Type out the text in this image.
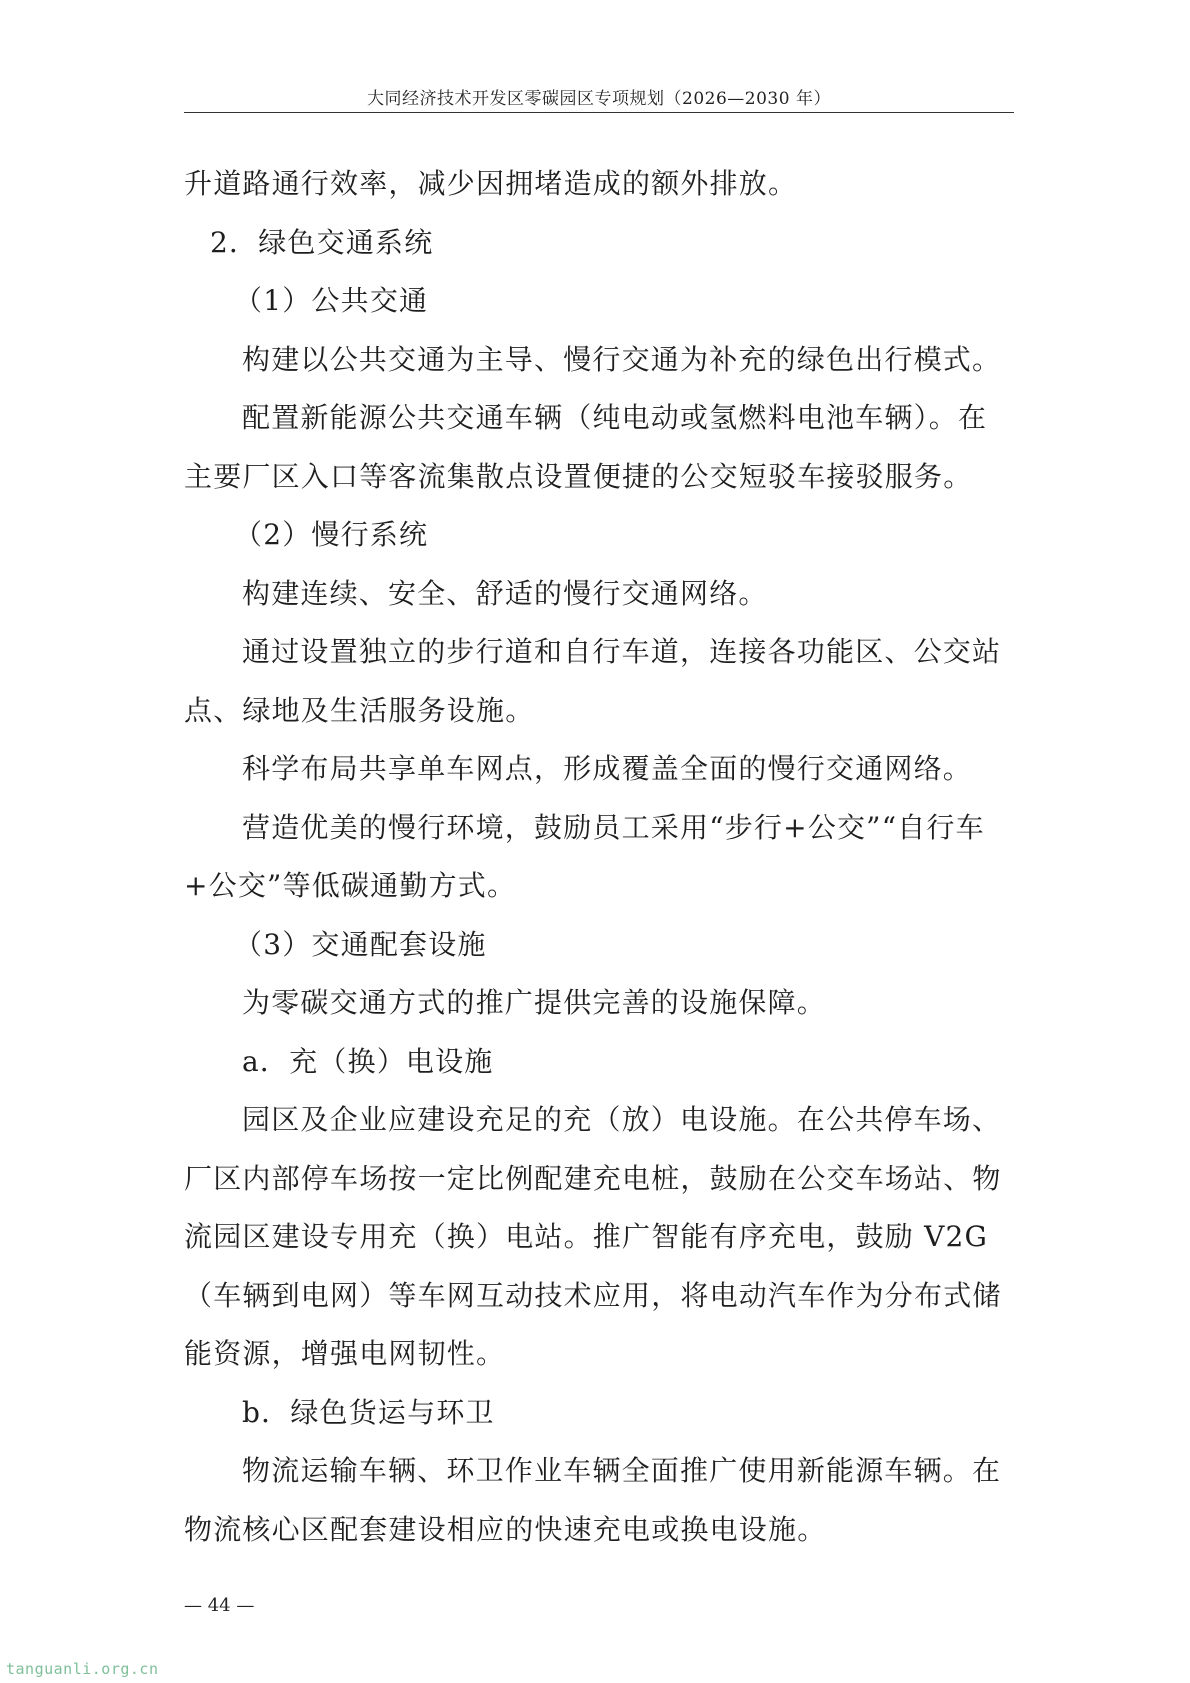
大同经济技术开发区零碳园区专项规划（2026—2030 年）

升道路通行效率，减少因拥堵造成的额外排放。

2．绿色交通系统

（1）公共交通

构建以公共交通为主导、慢行交通为补充的绿色出行模式。

配置新能源公共交通车辆（纯电动或氢燃料电池车辆）。在主要厂区入口等客流集散点设置便捷的公交短驳车接驳服务。

（2）慢行系统

构建连续、安全、舒适的慢行交通网络。

通过设置独立的步行道和自行车道，连接各功能区、公交站点、绿地及生活服务设施。

科学布局共享单车网点，形成覆盖全面的慢行交通网络。

营造优美的慢行环境，鼓励员工采用“步行+公交”“自行车+公交”等低碳通勤方式。

（3）交通配套设施

为零碳交通方式的推广提供完善的设施保障。

a．充（换）电设施

园区及企业应建设充足的充（放）电设施。在公共停车场、厂区内部停车场按一定比例配建充电桩，鼓励在公交车场站、物流园区建设专用充（换）电站。推广智能有序充电，鼓励 V2G（车辆到电网）等车网互动技术应用，将电动汽车作为分布式储能资源，增强电网韧性。

b．绿色货运与环卫

物流运输车辆、环卫作业车辆全面推广使用新能源车辆。在物流核心区配套建设相应的快速充电或换电设施。

— 44 —
tanguanli.org.cn
